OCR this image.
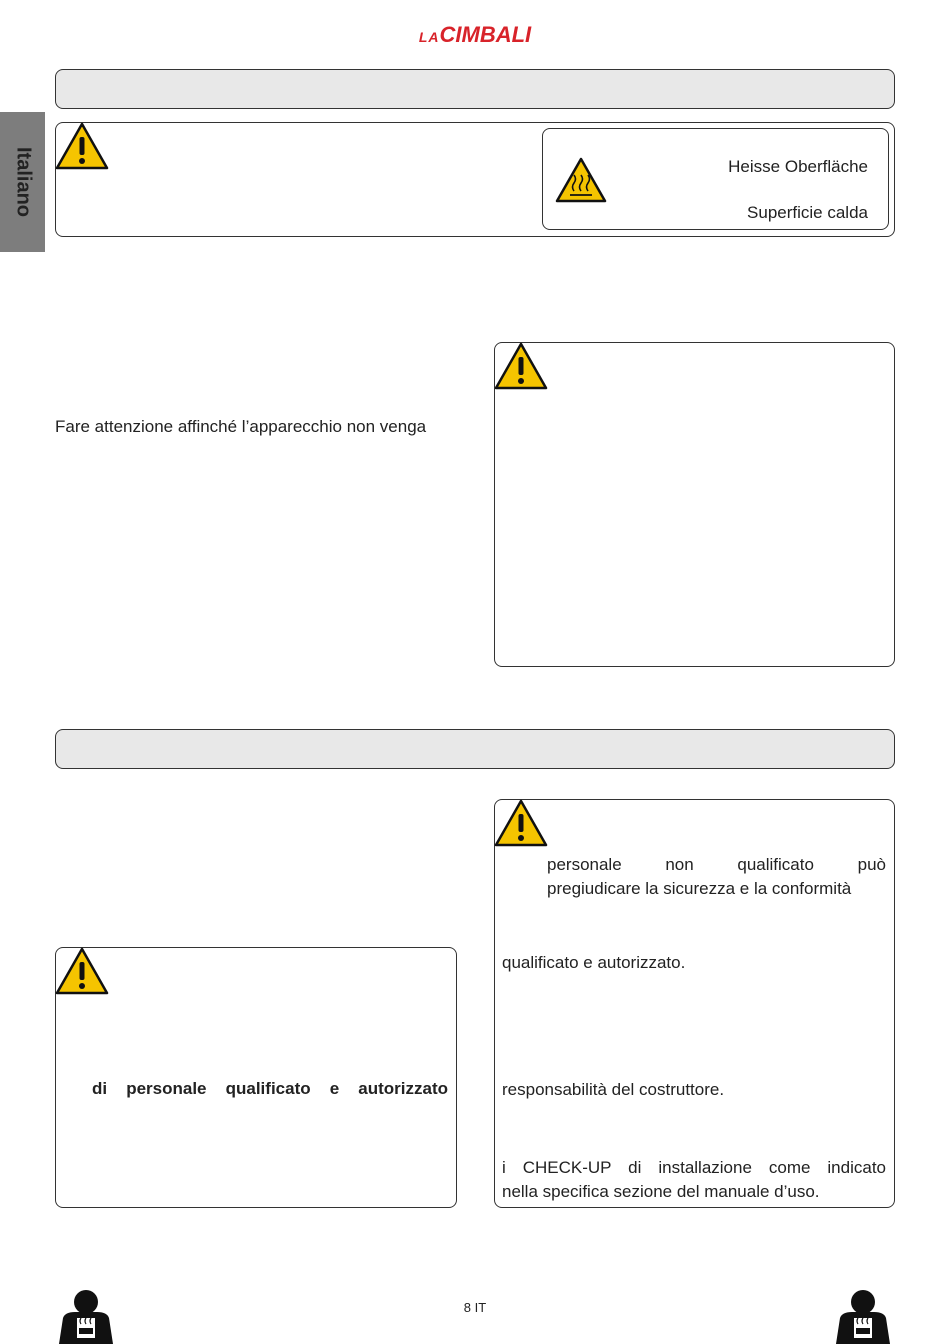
LACIMBALI
Italiano	Heisse Oberfläche
Superficie calda
Fare attenzione affinché l’apparecchio non venga
personale non qualificato può
pregiudicare la sicurezza e la conformità
qualificato e autorizzato.
responsabilità del costruttore.
i CHECK-UP di installazione come indicato
nella specifica sezione del manuale d’uso.
di personale qualificato e autorizzato
8 IT
